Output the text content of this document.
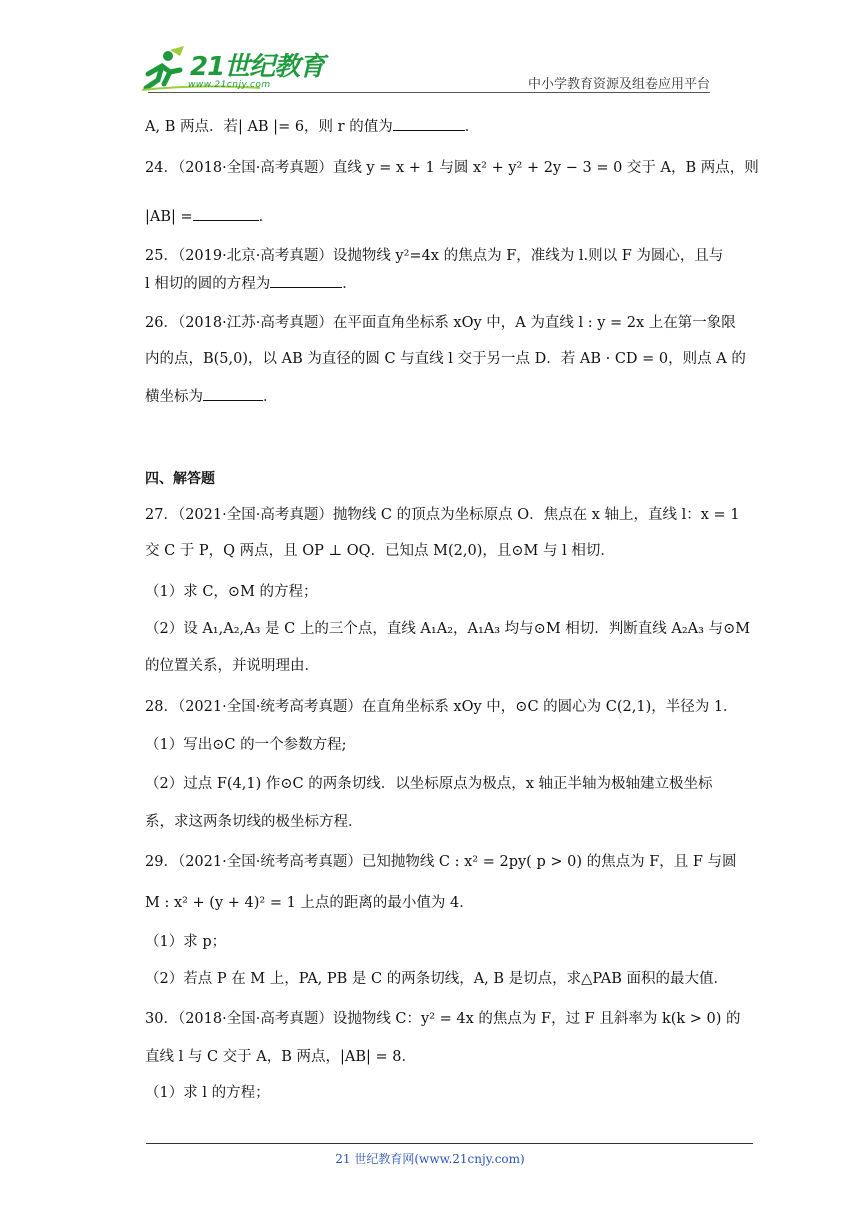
21世纪教育
www.21cnjy.com	中小学教育资源及组卷应用平台
A, B 两点．若| AB |= 6，则 r 的值为	．
24．（2018·全国·高考真题）直线 y = x + 1 与圆 x² + y² + 2y − 3 = 0 交于 A，B 两点，则
|AB| =	．
25．（2019·北京·高考真题）设抛物线 y²=4x 的焦点为 F，准线为 l.则以 F 为圆心，且与
l 相切的圆的方程为	．
26．（2018·江苏·高考真题）在平面直角坐标系 xOy 中，A 为直线 l : y = 2x 上在第一象限
内的点，B(5,0)，以 AB 为直径的圆 C 与直线 l 交于另一点 D．若 AB · CD = 0，则点 A 的
横坐标为	．
四、解答题
27．（2021·全国·高考真题）抛物线 C 的顶点为坐标原点 O．焦点在 x 轴上，直线 l：x = 1
交 C 于 P，Q 两点，且 OP ⊥ OQ．已知点 M(2,0)，且⊙M 与 l 相切．
（1）求 C，⊙M 的方程；
（2）设 A₁,A₂,A₃ 是 C 上的三个点，直线 A₁A₂，A₁A₃ 均与⊙M 相切．判断直线 A₂A₃ 与⊙M
的位置关系，并说明理由．
28．（2021·全国·统考高考真题）在直角坐标系 xOy 中，⊙C 的圆心为 C(2,1)，半径为 1．
（1）写出⊙C 的一个参数方程;
（2）过点 F(4,1) 作⊙C 的两条切线．以坐标原点为极点，x 轴正半轴为极轴建立极坐标
系，求这两条切线的极坐标方程．
29．（2021·全国·统考高考真题）已知抛物线 C : x² = 2py( p > 0) 的焦点为 F，且 F 与圆
M : x² + (y + 4)² = 1 上点的距离的最小值为 4．
（1）求 p；
（2）若点 P 在 M 上，PA, PB 是 C 的两条切线，A, B 是切点，求△PAB 面积的最大值．
30．（2018·全国·高考真题）设抛物线 C：y² = 4x 的焦点为 F，过 F 且斜率为 k(k > 0) 的
直线 l 与 C 交于 A，B 两点，|AB| = 8．
（1）求 l 的方程；
21 世纪教育网(www.21cnjy.com)
